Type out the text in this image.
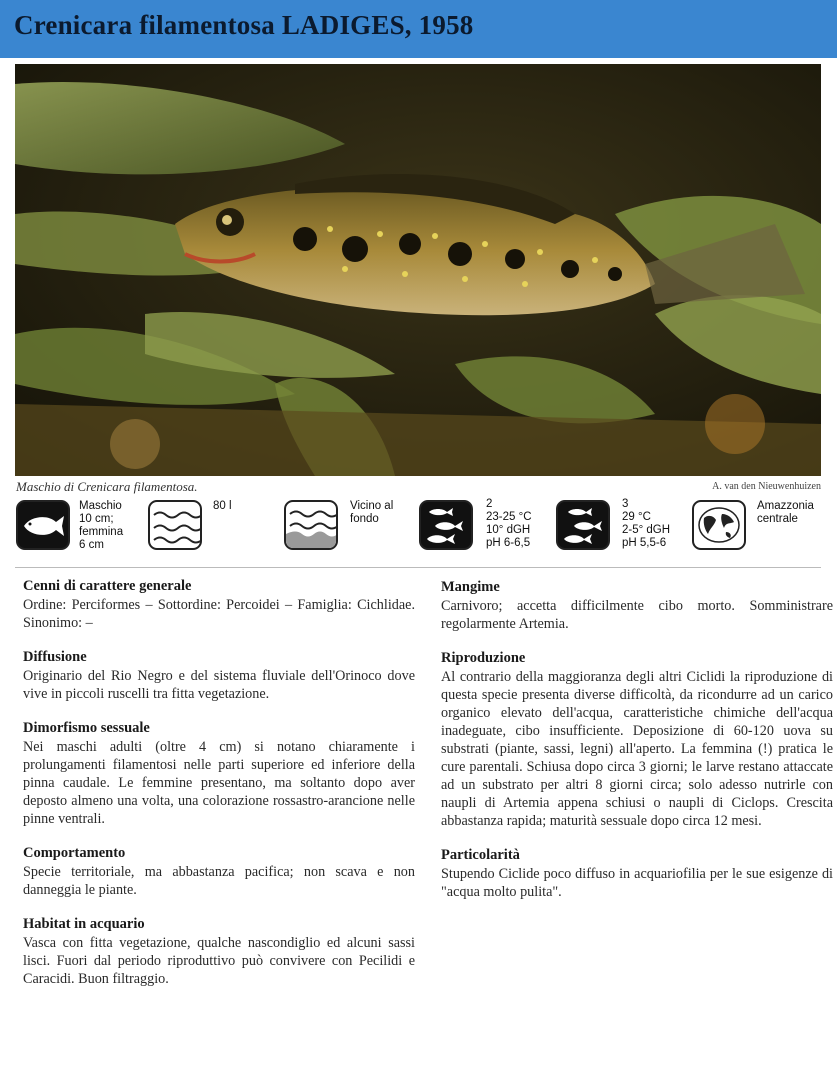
Crenicara filamentosa LADIGES, 1958
Maschio di Crenicara filamentosa.	A. van den Nieuwenhuizen
Maschio
10 cm;
femmina
6 cm
80 l	Vicino al
fondo
2
23-25 °C
10° dGH
pH 6-6,5
3
29 °C
2-5° dGH
pH 5,5-6
Amazzonia
centrale
Cenni di carattere generale

Ordine: Perciformes – Sottordine: Percoidei – Famiglia: Cichlidae. Sinonimo: –

Diffusione

Originario del Rio Negro e del sistema fluviale dell'Orinoco dove vive in piccoli ruscelli tra fitta vegetazione.

Dimorfismo sessuale

Nei maschi adulti (oltre 4 cm) si notano chiaramente i prolungamenti filamentosi nelle parti superiore ed inferiore della pinna caudale. Le femmine presentano, ma soltanto dopo aver deposto almeno una volta, una colorazione rossastro-arancione nelle pinne ventrali.

Comportamento

Specie territoriale, ma abbastanza pacifica; non scava e non danneggia le piante.

Habitat in acquario

Vasca con fitta vegetazione, qualche nascondiglio ed alcuni sassi lisci. Fuori dal periodo riproduttivo può convivere con Pecilidi e Caracidi. Buon filtraggio.

Mangime

Carnivoro; accetta difficilmente cibo morto. Somministrare regolarmente Artemia.

Riproduzione

Al contrario della maggioranza degli altri Ciclidi la riproduzione di questa specie presenta diverse difficoltà, da ricondurre ad un carico organico elevato dell'acqua, caratteristiche chimiche dell'acqua inadeguate, cibo insufficiente. Deposizione di 60-120 uova su substrati (piante, sassi, legni) all'aperto. La femmina (!) pratica le cure parentali. Schiusa dopo circa 3 giorni; le larve restano attaccate ad un substrato per altri 8 giorni circa; solo adesso nutrirle con naupli di Artemia appena schiusi o naupli di Ciclops. Crescita abbastanza rapida; maturità sessuale dopo circa 12 mesi.

Particolarità

Stupendo Ciclide poco diffuso in acquariofilia per le sue esigenze di "acqua molto pulita".
